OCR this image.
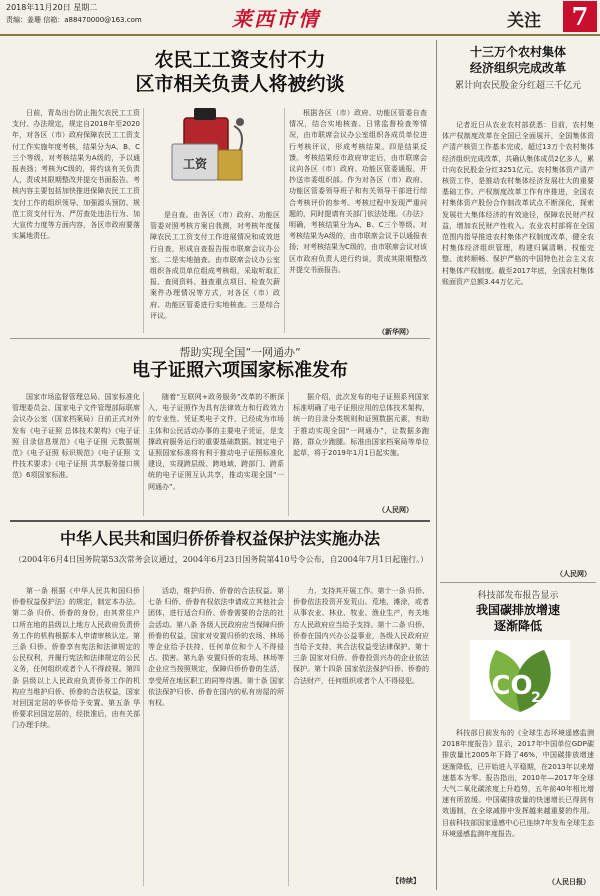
2018年11月20日 星期二
责编：姜珊 信箱：a88470000@163.com	莱西市情	关注	7
农民工工资支付不力
区市相关负责人将被约谈

日前，青岛出台防止拖欠农民工工资支付、办法规定，规定自2018年至2020年，对各区（市）政府保障农民工工资支付工作实施年度考核，结果分为A、B、C三个等级，对考核结果为A级的，予以通报表扬；考核为C级的，将约谈有关负责人，责成其限期整改并提交书面报告。考核内容主要包括加快推进保障农民工工资支付工作的组织领导、加强源头预防、规范工资支付行为、严厉查处违法行为、加大宣传力度等方面内容，各区市政府要落实属地责任。

工资

是自查。由各区（市）政府、功能区管委对照考核方案自我测，对考核年度保障农民工工资支付工作进展情况和成效进行自查，形成自查报告报市联席会议办公室。二是实地抽查。由市联席会议办公室组织各成员单位组成考核组，采取听取汇报、查阅资料、抽查重点项目、检查欠薪案件办理情况等方式，对各区（市）政府、功能区管委进行实地核查。三是综合评议。

根据各区（市）政府、功能区管委自查情况，结合实地核查、日常监督检查等情况，由市联席会议办公室组织各成员单位进行考核评议，形成考核结果。四是结果反馈。考核结果经市政府审定后，由市联席会议向各区（市）政府、功能区管委通报，并抄送市委组织部。作为对各区（市）政府、功能区管委领导班子和有关领导干部进行综合考核评价的参考。考核过程中发现严重问题的，同时提请有关部门依法处理。《办法》明确，考核结果分为A、B、C三个等级。对考核结果为A级的，由市联席会议予以通报表扬；对考核结果为C级的，由市联席会议对该区市政府负责人进行约谈，责成其限期整改并提交书面报告。

（新华网）
帮助实现全国“一网通办”
电子证照六项国家标准发布

国家市场监督管理总局、国家标准化管理委员会、国家电子文件管理部际联席会议办公室（国家档案局）日前正式对外发布《电子证照 总体技术架构》《电子证照 目录信息规范》《电子证照 元数据规范》《电子证照 标识规范》《电子证照 文件技术要求》《电子证照 共享服务接口规范》6项国家标准。

随着“互联网+政务服务”改革的不断深入，电子证照作为具有法律效力和行政效力的专业性、凭证类电子文件，已经成为市场主体和公民活动办事的主要电子凭证，是支撑政府服务运行的重要基础数据。制定电子证照国家标准将有利于推动电子证照标准化建设，实现跨层级、跨地域、跨部门、跨系统的电子证照互认共享，推动实现全国“一网通办”。

据介绍，此次发布的电子证照系列国家标准明确了电子证照应用的总体技术架构，统一的目录分类规则和证照数据元素，有助于推动实现全国“一网通办”，让数据多跑路，群众少跑腿。标准由国家档案局等单位起草，将于2019年1月1日起实施。

（人民网）
中华人民共和国归侨侨眷权益保护法实施办法
（2004年6月4日国务院第53次常务会议通过，2004年6月23日国务院第410号令公布，自2004年7月1日起施行。）

第一条 根据《中华人民共和国归侨侨眷权益保护法》的规定，制定本办法。第二条 归侨、侨眷的身份，由其常住户口所在地的县级以上地方人民政府负责侨务工作的机构根据本人申请审核认定。第三条 归侨、侨眷享有宪法和法律规定的公民权利，并履行宪法和法律规定的公民义务，任何组织或者个人不得歧视。第四条 县级以上人民政府负责侨务工作的机构应当维护归侨、侨眷的合法权益，国家对回国定居的华侨给予安置。第五条 华侨要求回国定居的，经批准后，由有关部门办理手续。

活动，维护归侨、侨眷的合法权益。第七条 归侨、侨眷有权依法申请成立其他社会团体，进行适合归侨、侨眷需要的合法的社会活动。第八条 各级人民政府应当保障归侨侨眷的权益，国家对安置归侨的农场、林场等企业给予扶持，任何单位和个人不得侵占、损害。第九条 安置归侨的农场、林场等企业应当按照规定，保障归侨侨眷的生活，享受所在地区职工的同等待遇。第十条 国家依法保护归侨、侨眷在国内的私有房屋的所有权。

力，支持其开展工作。第十一条 归侨、侨眷依法投资开发荒山、荒地、滩涂，或者从事农业、林业、牧业、渔业生产，有关地方人民政府应当给予支持。第十二条 归侨、侨眷在国内兴办公益事业，各级人民政府应当给予支持，其合法权益受法律保护。第十三条 国家对归侨、侨眷投资兴办的企业依法保护。第十四条 国家依法保护归侨、侨眷的合法财产，任何组织或者个人不得侵犯。

【待续】
十三万个农村集体
经济组织完成改革
累计向农民股金分红超三千亿元

记者近日从农业农村部获悉：目前，农村集体产权制度改革在全国已全面展开，全国集体资产清产核资工作基本完成，超过13万个农村集体经济组织完成改革，共确认集体成员2亿多人，累计向农民股金分红3251亿元。农村集体资产清产核资工作，是推动农村集体经济发展壮大的重要基础工作。产权制度改革工作有序推进，全国农村集体资产股份合作制改革试点不断深化，探索发展壮大集体经济的有效途径，保障农民财产权益，增加农民财产性收入。农业农村部将在全国范围内指导推进农村集体产权制度改革，健全农村集体经济组织管理，构建归属清晰、权能完整、流转顺畅、保护严格的中国特色社会主义农村集体产权制度。截至2017年底，全国农村集体账面资产总额3.44万亿元。

（人民网）
科技部发布报告显示
我国碳排放增速
逐渐降低
CO
2

科技部日前发布的《全球生态环境遥感监测2018年度报告》显示，2017年中国单位GDP碳排放量比2005年下降了46%，中国碳排放增速逐渐降低，已开始进入平稳期，在2013年以来增速基本为零。报告指出，2010年—2017年全球大气二氧化碳浓度上升趋势，五年前40年相比增速有所放缓。中国碳排放量的快速增长已得到有效遏制，在全球减排中发挥越来越重要的作用。目前科技部国家遥感中心已连续7年发布全球生态环境遥感监测年度报告。

（人民日报）
